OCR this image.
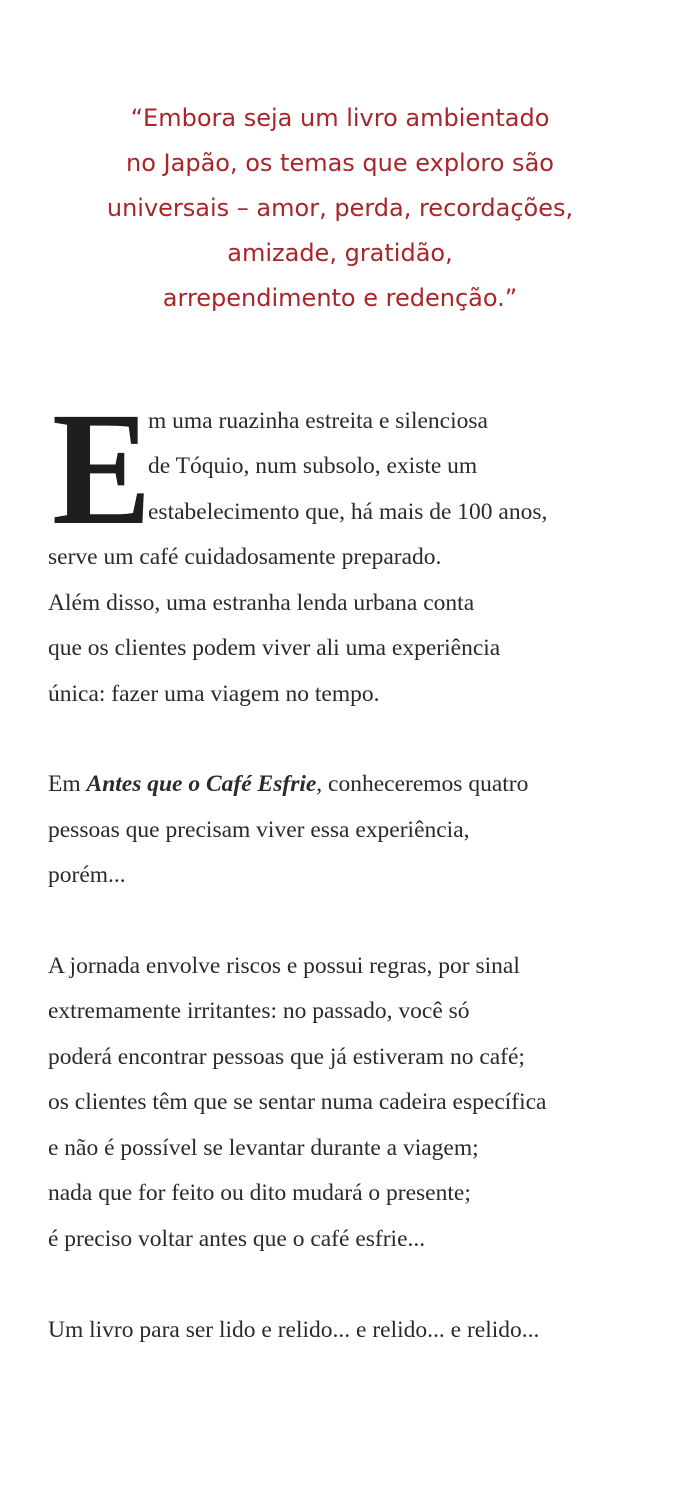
“Embora seja um livro ambientado
no Japão, os temas que exploro são
universais – amor, perda, recordações,
amizade, gratidão,
arrependimento e redenção.”
E
m uma ruazinha estreita e silenciosa
de Tóquio, num subsolo, existe um
estabelecimento que, há mais de 100 anos,
serve um café cuidadosamente preparado.
Além disso, uma estranha lenda urbana conta
que os clientes podem viver ali uma experiência
única: fazer uma viagem no tempo.
Em Antes que o Café Esfrie, conheceremos quatro
pessoas que precisam viver essa experiência,
porém...
A jornada envolve riscos e possui regras, por sinal
extremamente irritantes: no passado, você só
poderá encontrar pessoas que já estiveram no café;
os clientes têm que se sentar numa cadeira específica
e não é possível se levantar durante a viagem;
nada que for feito ou dito mudará o presente;
é preciso voltar antes que o café esfrie...
Um livro para ser lido e relido... e relido... e relido...
